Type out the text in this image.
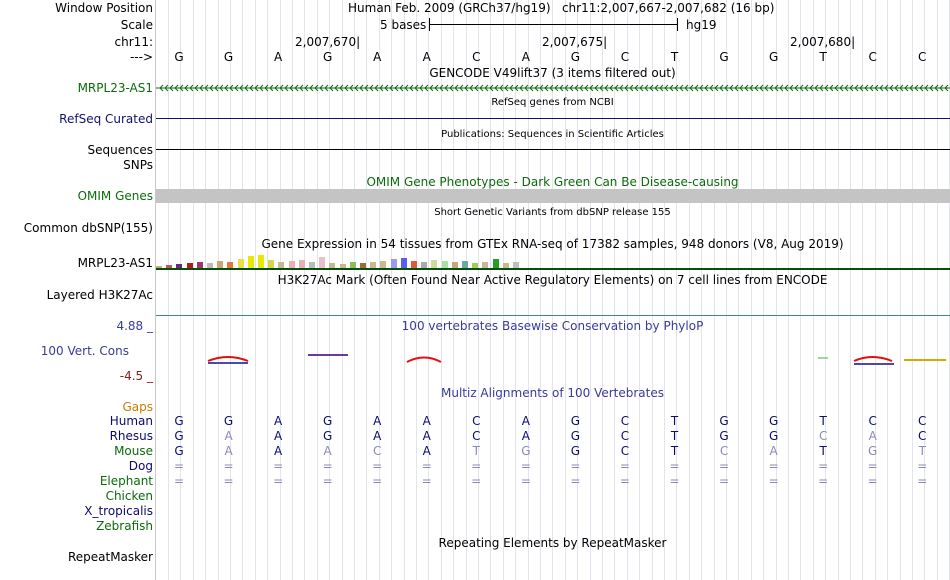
Window Position	Human Feb. 2009 (GRCh37/hg19)   chr11:2,007,667-2,007,682 (16 bp)
Scale	5 bases	hg19
chr11:	2,007,670|	2,007,675|	2,007,680|
--->	G	G	A	G	A	A	C	A	G	C	T	G	G	T	C	C
GENCODE V49lift37 (3 items filtered out)
MRPL23-AS1
RefSeq genes from NCBI
RefSeq Curated
Publications: Sequences in Scientific Articles
Sequences
SNPs
OMIM Gene Phenotypes - Dark Green Can Be Disease-causing
OMIM Genes
Short Genetic Variants from dbSNP release 155
Common dbSNP(155)
Gene Expression in 54 tissues from GTEx RNA-seq of 17382 samples, 948 donors (V8, Aug 2019)
MRPL23-AS1
H3K27Ac Mark (Often Found Near Active Regulatory Elements) on 7 cell lines from ENCODE
Layered H3K27Ac
100 vertebrates Basewise Conservation by PhyloP
4.88 _
100 Vert. Cons
-4.5 _
Multiz Alignments of 100 Vertebrates
Gaps
Human	G	G	A	G	A	A	C	A	G	C	T	G	G	T	C	C
Rhesus	G	A	A	G	A	A	C	A	G	C	T	G	G	C	A	C
Mouse	G	A	A	A	C	A	T	G	G	C	T	C	A	T	G	T
Dog	=	=	=	=	=	=	=	=	=	=	=	=	=	=	=	=
Elephant	=	=	=	=	=	=	=	=	=	=	=	=	=	=	=	=
Chicken
X_tropicalis
Zebrafish
Repeating Elements by RepeatMasker
RepeatMasker
